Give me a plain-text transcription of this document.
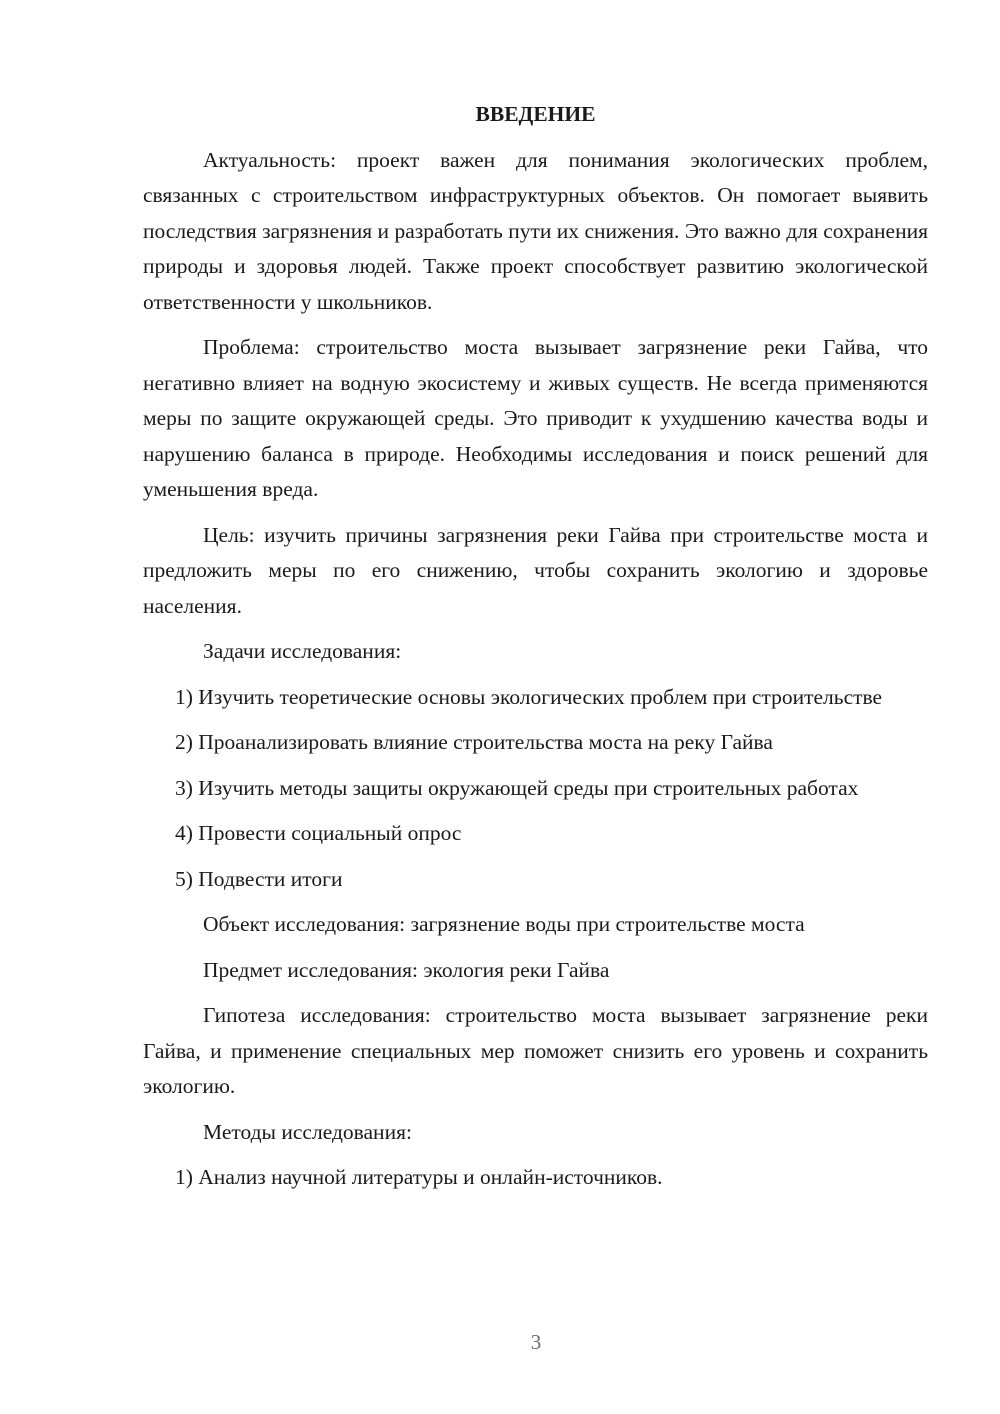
ВВЕДЕНИЕ

Актуальность: проект важен для понимания экологических проблем, связанных с строительством инфраструктурных объектов. Он помогает выявить последствия загрязнения и разработать пути их снижения. Это важно для сохранения природы и здоровья людей. Также проект способствует развитию экологической ответственности у школьников.

Проблема: строительство моста вызывает загрязнение реки Гайва, что негативно влияет на водную экосистему и живых существ. Не всегда применяются меры по защите окружающей среды. Это приводит к ухудшению качества воды и нарушению баланса в природе. Необходимы исследования и поиск решений для уменьшения вреда.

Цель: изучить причины загрязнения реки Гайва при строительстве моста и предложить меры по его снижению, чтобы сохранить экологию и здоровье населения.

Задачи исследования:

1) Изучить теоретические основы экологических проблем при строительстве

2) Проанализировать влияние строительства моста на реку Гайва

3) Изучить методы защиты окружающей среды при строительных работах

4) Провести социальный опрос

5) Подвести итоги

Объект исследования: загрязнение воды при строительстве моста

Предмет исследования: экология реки Гайва

Гипотеза исследования: строительство моста вызывает загрязнение реки Гайва, и применение специальных мер поможет снизить его уровень и сохранить экологию.

Методы исследования:

1) Анализ научной литературы и онлайн-источников.

3
